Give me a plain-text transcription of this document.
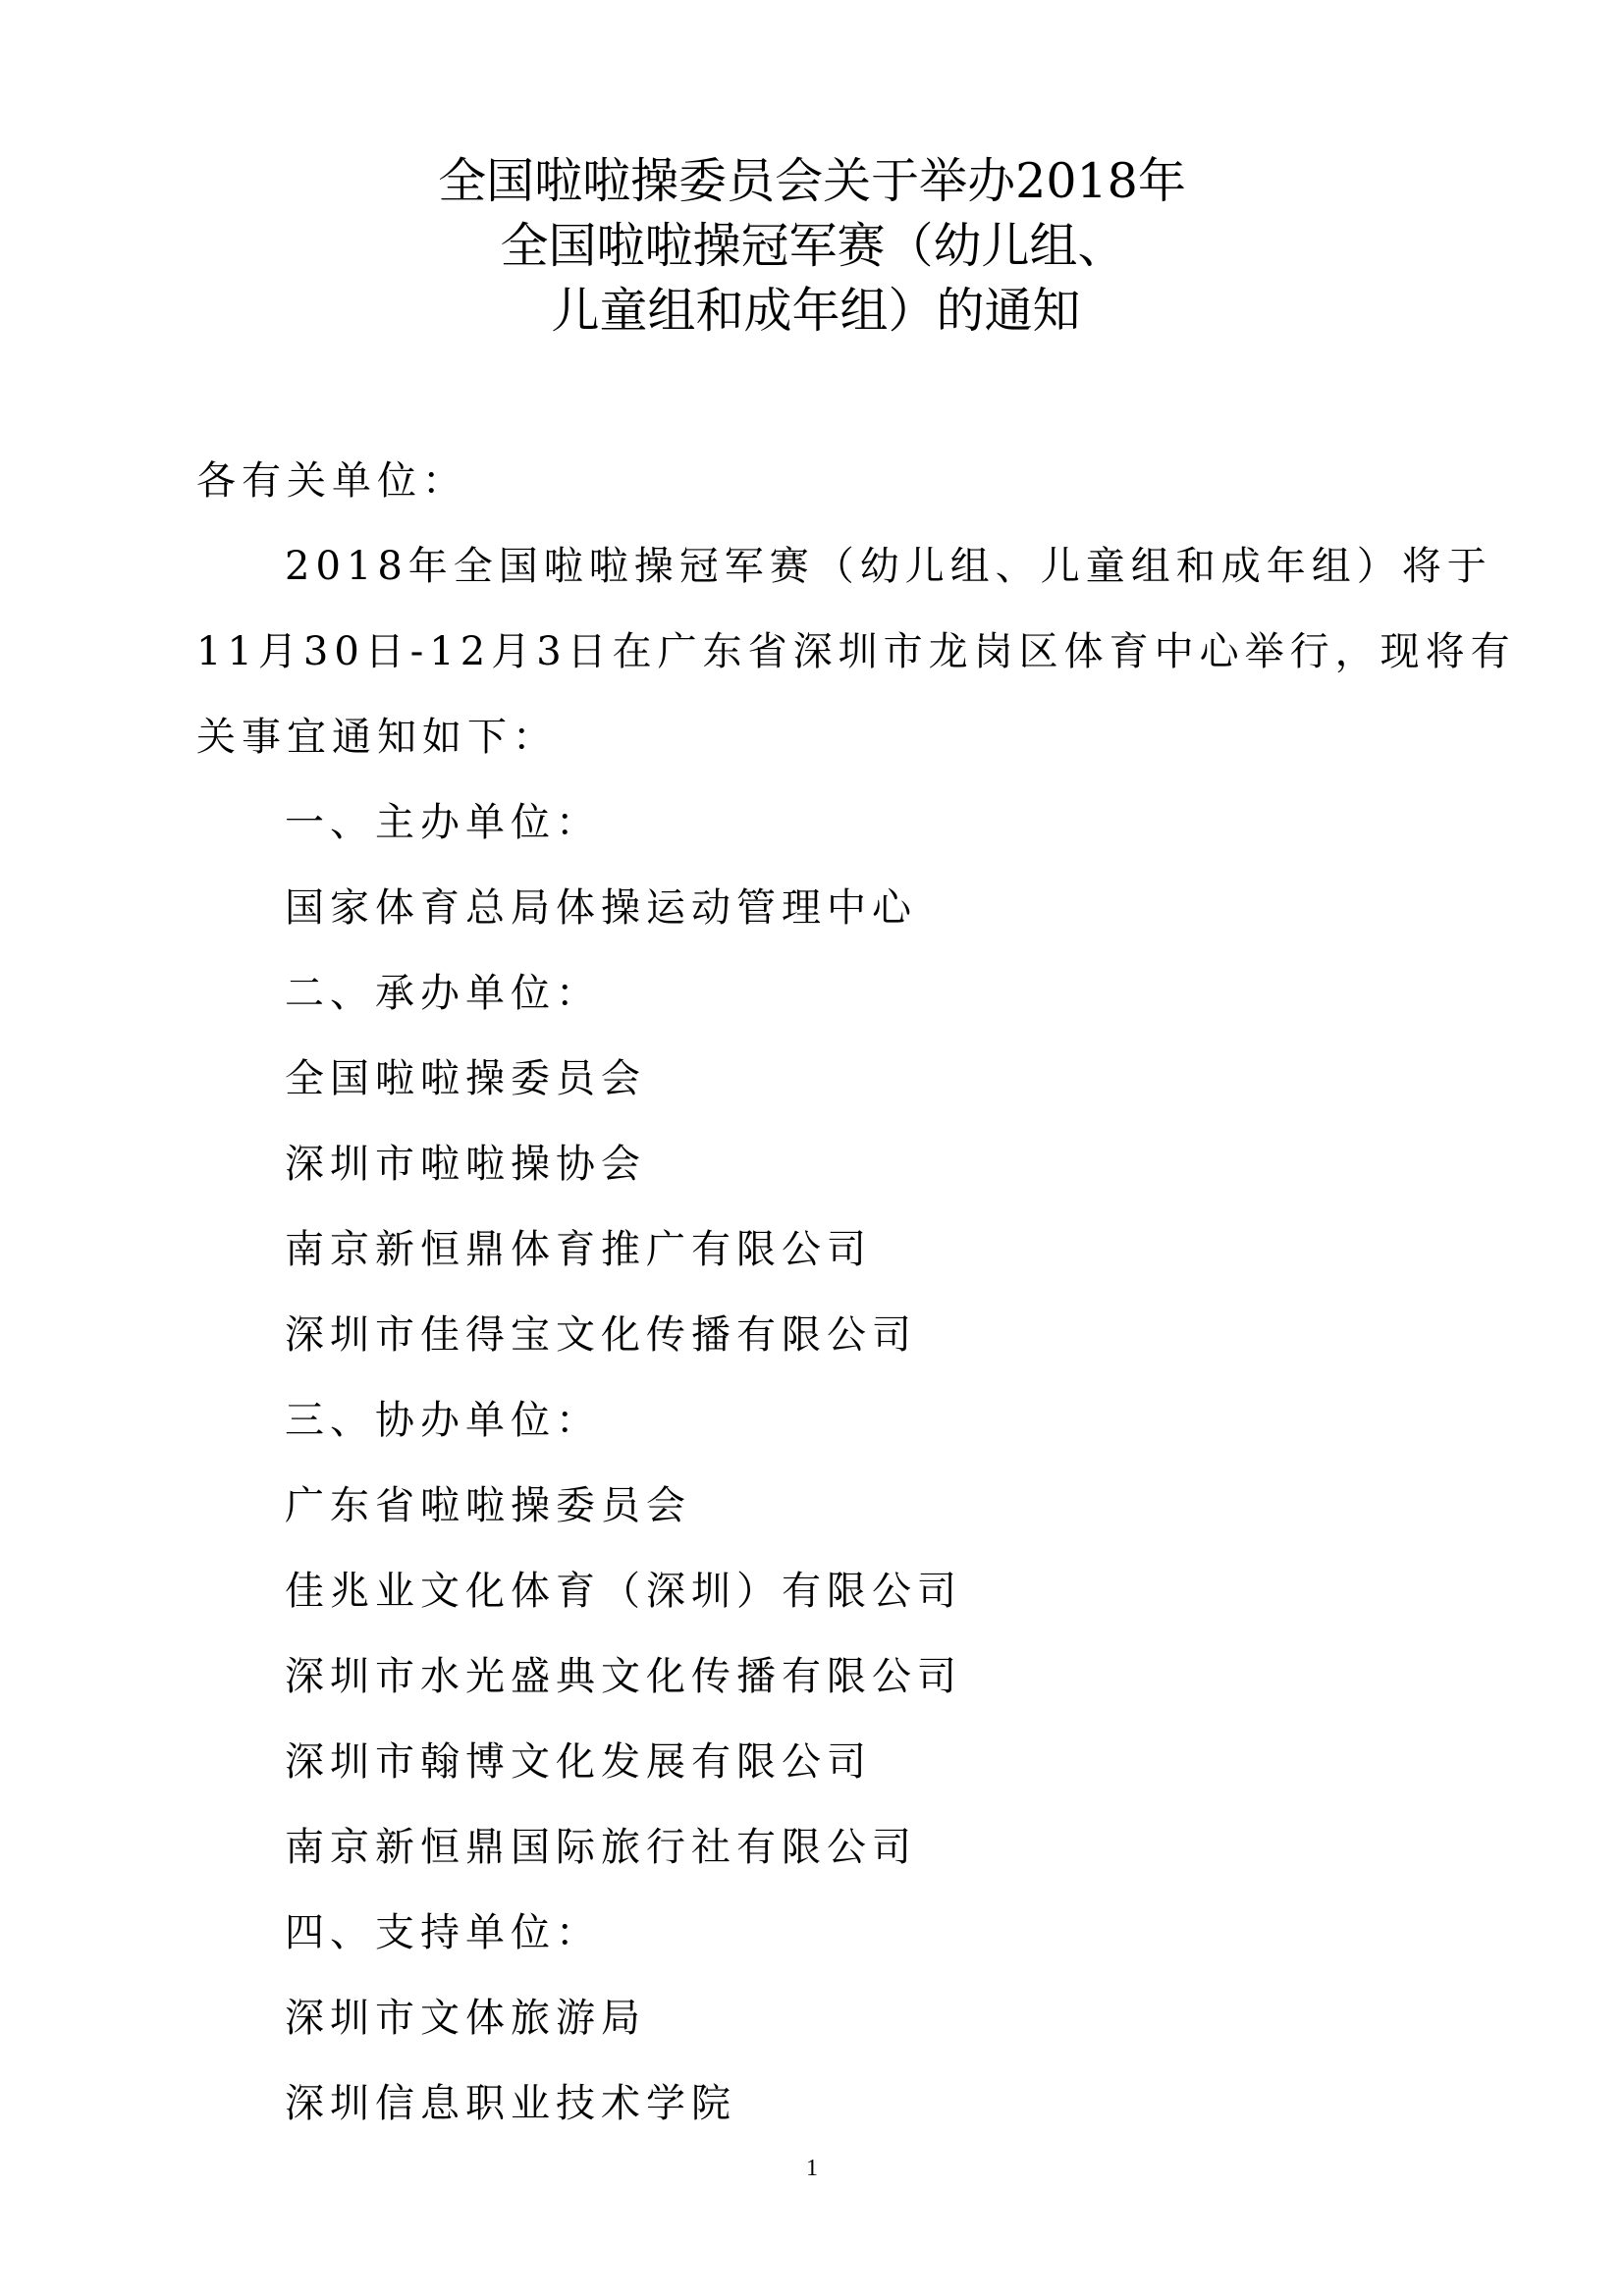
全国啦啦操委员会关于举办2018年
全国啦啦操冠军赛（幼儿组、
儿童组和成年组）的通知
各有关单位：
2018年全国啦啦操冠军赛（幼儿组、儿童组和成年组）将于
11月30日-12月3日在广东省深圳市龙岗区体育中心举行，现将有
关事宜通知如下：
一、主办单位：
国家体育总局体操运动管理中心
二、承办单位：
全国啦啦操委员会
深圳市啦啦操协会
南京新恒鼎体育推广有限公司
深圳市佳得宝文化传播有限公司
三、协办单位：
广东省啦啦操委员会
佳兆业文化体育（深圳）有限公司
深圳市水光盛典文化传播有限公司
深圳市翰博文化发展有限公司
南京新恒鼎国际旅行社有限公司
四、支持单位：
深圳市文体旅游局
深圳信息职业技术学院
1
